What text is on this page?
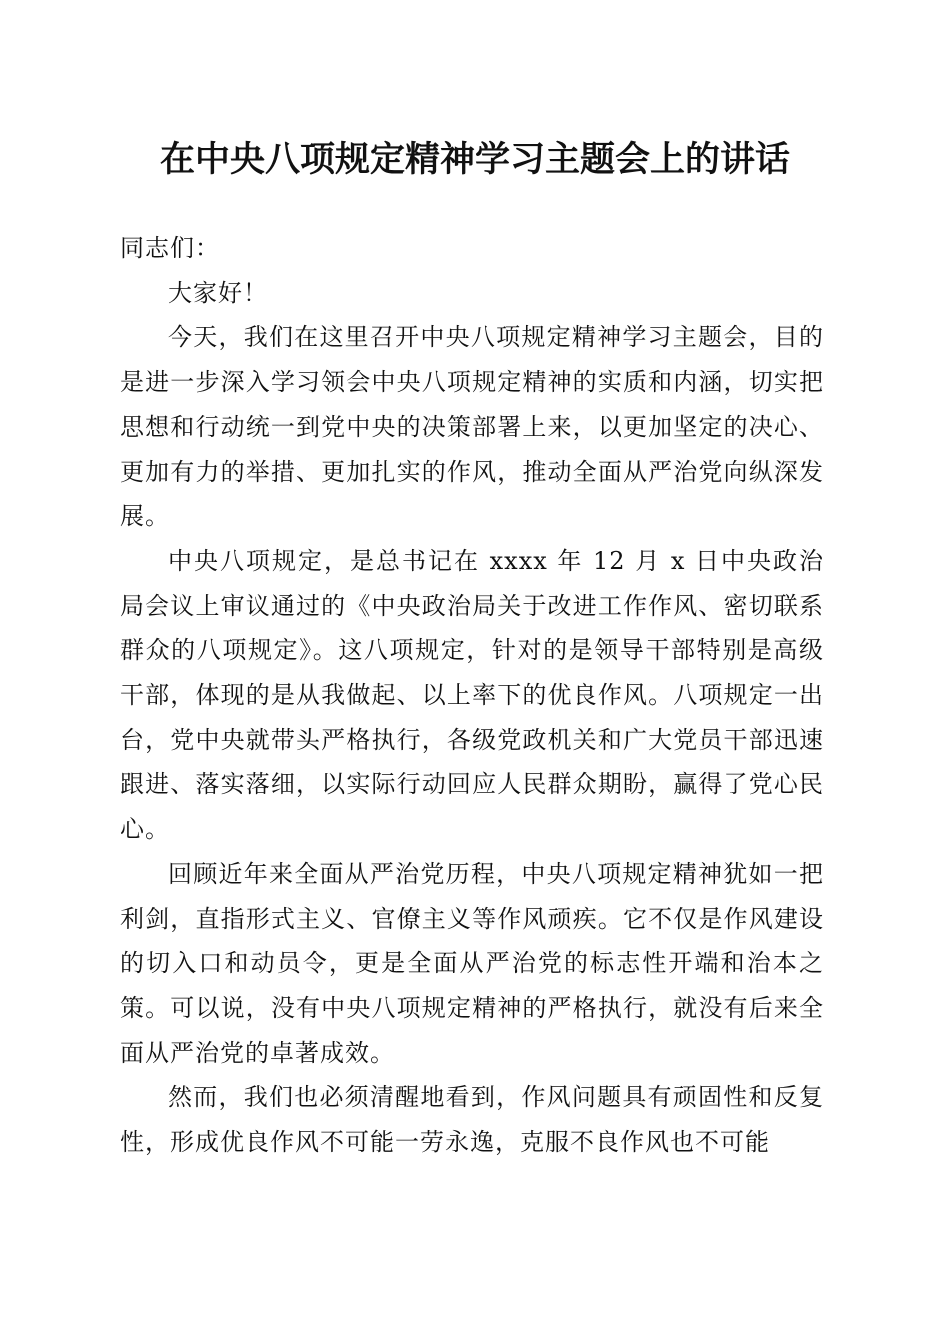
在中央八项规定精神学习主题会上的讲话

同志们：

大家好！

今天，我们在这里召开中央八项规定精神学习主题会，目的是进一步深入学习领会中央八项规定精神的实质和内涵，切实把思想和行动统一到党中央的决策部署上来，以更加坚定的决心、更加有力的举措、更加扎实的作风，推动全面从严治党向纵深发展。

中央八项规定，是总书记在 xxxx 年 12 月 x 日中央政治局会议上审议通过的《中央政治局关于改进工作作风、密切联系群众的八项规定》。这八项规定，针对的是领导干部特别是高级干部，体现的是从我做起、以上率下的优良作风。八项规定一出台，党中央就带头严格执行，各级党政机关和广大党员干部迅速跟进、落实落细，以实际行动回应人民群众期盼，赢得了党心民心。

回顾近年来全面从严治党历程，中央八项规定精神犹如一把利剑，直指形式主义、官僚主义等作风顽疾。它不仅是作风建设的切入口和动员令，更是全面从严治党的标志性开端和治本之策。可以说，没有中央八项规定精神的严格执行，就没有后来全面从严治党的卓著成效。

然而，我们也必须清醒地看到，作风问题具有顽固性和反复性，形成优良作风不可能一劳永逸，克服不良作风也不可能
